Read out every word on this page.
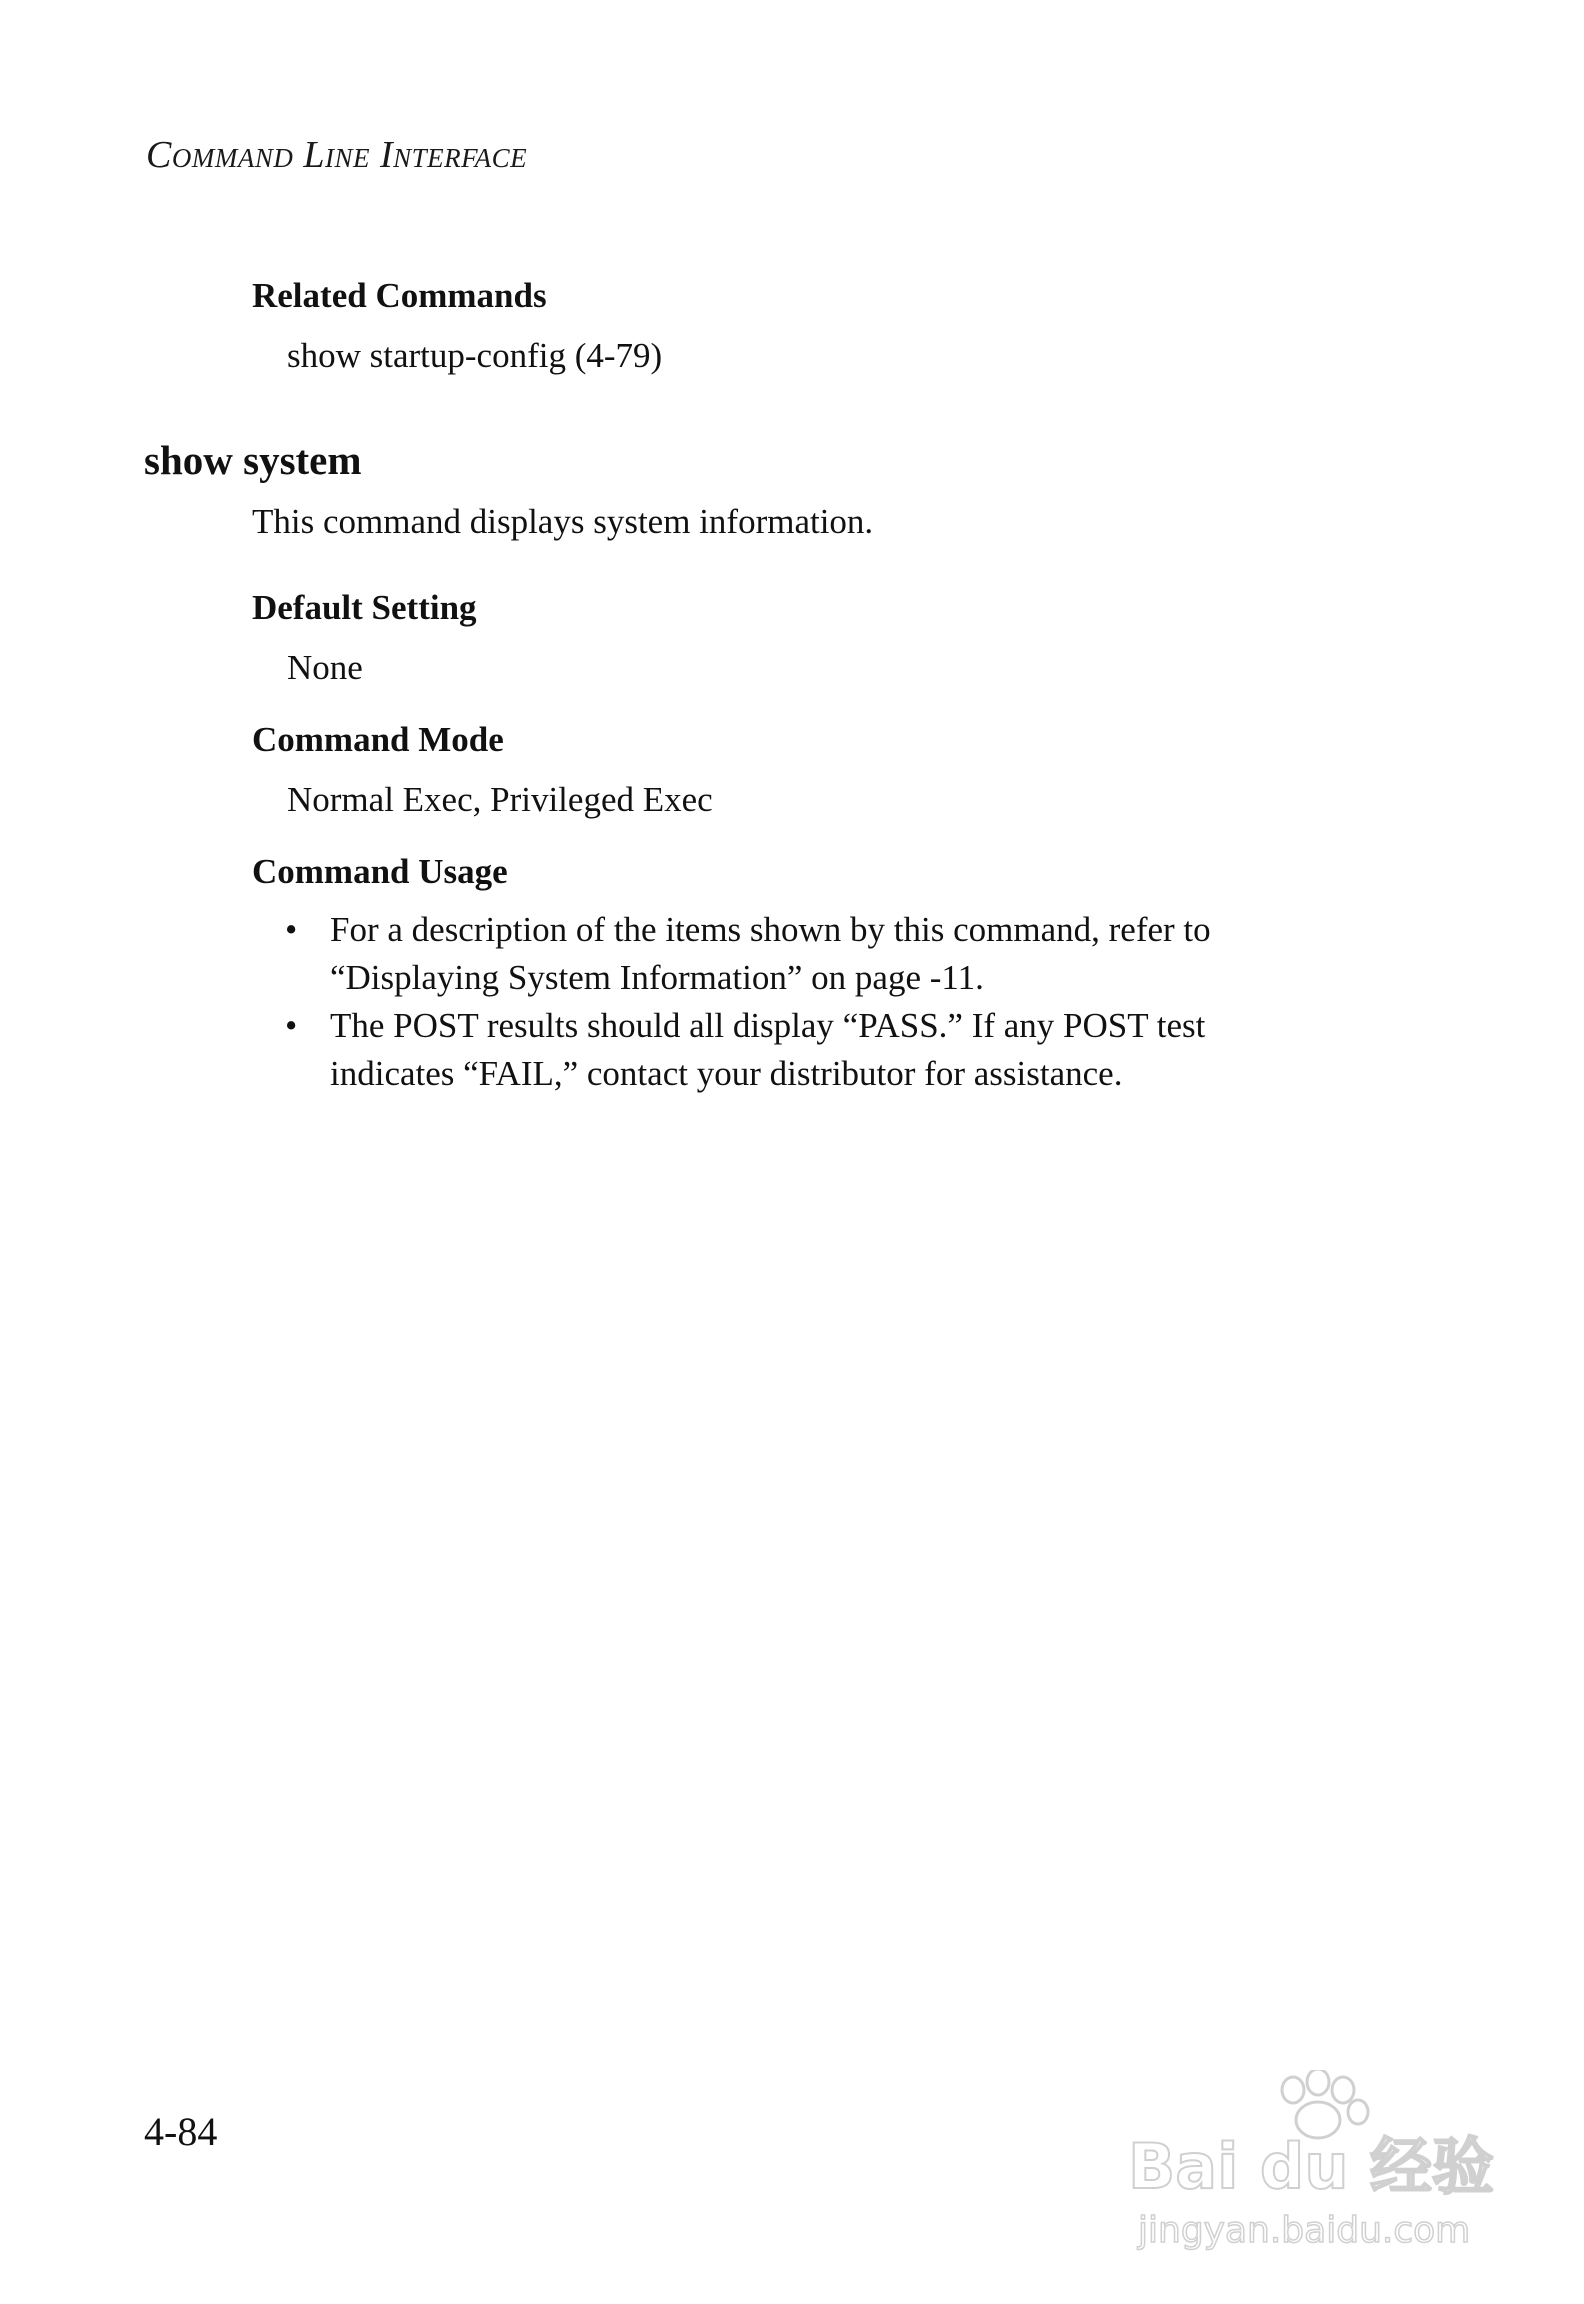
Command Line Interface
Related Commands
show startup-config (4-79)
show system
This command displays system information.
Default Setting
None
Command Mode
Normal Exec, Privileged Exec
Command Usage
• For a description of the items shown by this command, refer to
“Displaying System Information” on page -11.
• The POST results should all display “PASS.” If any POST test
indicates “FAIL,” contact your distributor for assistance.
4-84	Bai du 经验
jingyan.baidu.com
